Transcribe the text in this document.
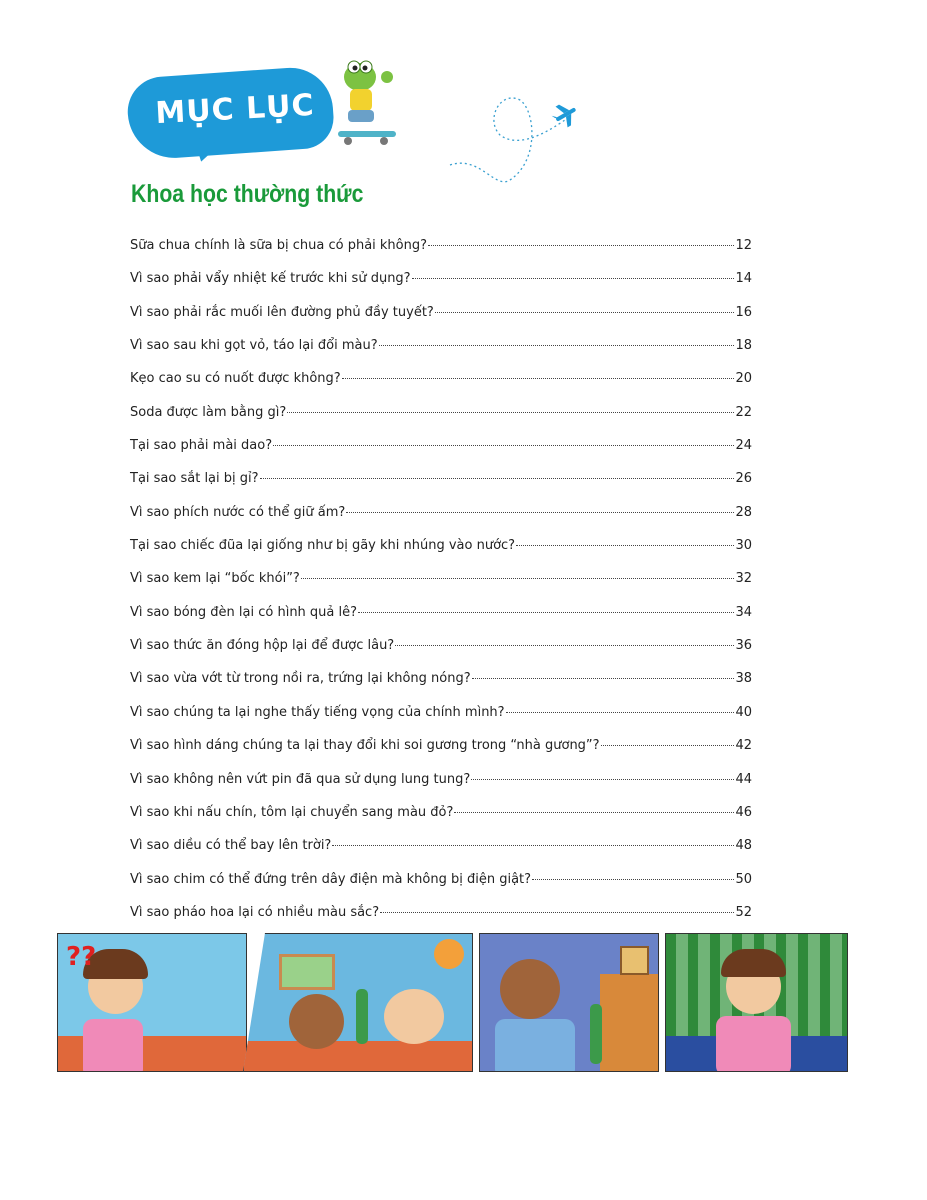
MỤC LỤC
Khoa học thường thức
Sữa chua chính là sữa bị chua có phải không?	12
Vì sao phải vẩy nhiệt kế trước khi sử dụng?	14
Vì sao phải rắc muối lên đường phủ đầy tuyết?	16
Vì sao sau khi gọt vỏ, táo lại đổi màu?	18
Kẹo cao su có nuốt được không?	20
Soda được làm bằng gì?	22
Tại sao phải mài dao?	24
Tại sao sắt lại bị gỉ?	26
Vì sao phích nước có thể giữ ấm?	28
Tại sao chiếc đũa lại giống như bị gãy khi nhúng vào nước?	30
Vì sao kem lại “bốc khói”?	32
Vì sao bóng đèn lại có hình quả lê?	34
Vì sao thức ăn đóng hộp lại để được lâu?	36
Vì sao vừa vớt từ trong nồi ra, trứng lại không nóng?	38
Vì sao chúng ta lại nghe thấy tiếng vọng của chính mình?	40
Vì sao hình dáng chúng ta lại thay đổi khi soi gương trong “nhà gương”?	42
Vì sao không nên vứt pin đã qua sử dụng lung tung?	44
Vì sao khi nấu chín, tôm lại chuyển sang màu đỏ?	46
Vì sao diều có thể bay lên trời?	48
Vì sao chim có thể đứng trên dây điện mà không bị điện giật?	50
Vì sao pháo hoa lại có nhiều màu sắc?	52
??
